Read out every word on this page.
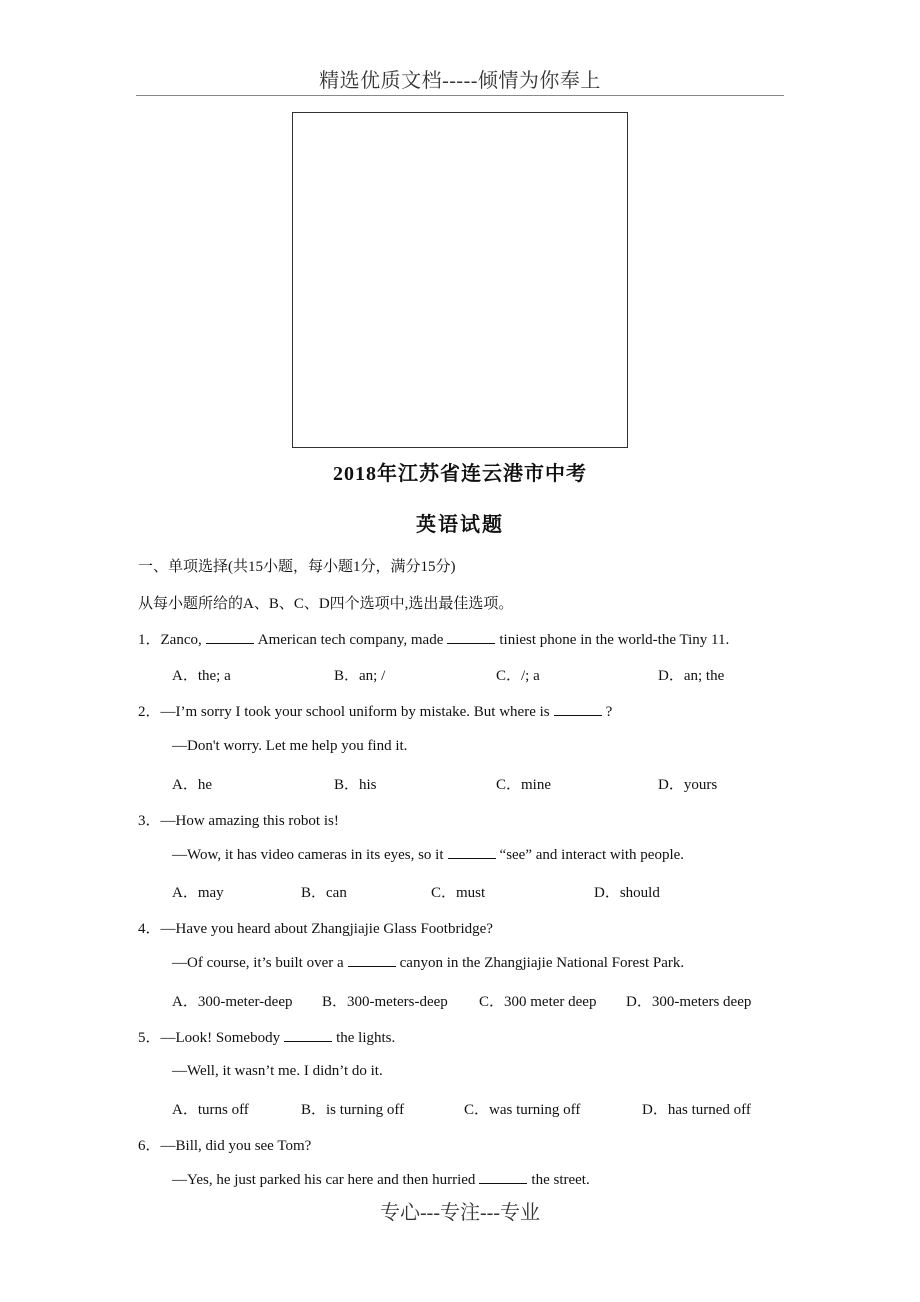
精选优质文档-----倾情为你奉上
2018年江苏省连云港市中考
英语试题
一、单项选择(共15小题，每小题1分，满分15分)
从每小题所给的A、B、C、D四个选项中,选出最佳选项。
1．Zanco,	American tech company, made	tiniest phone in the world-the Tiny 11.
A．the; a	B．an; /	C．/; a	D．an; the
2．—I’m sorry I took your school uniform by mistake. But where is	?
—Don't worry. Let me help you find it.
A．he	B．his	C．mine	D．yours
3．—How amazing this robot is!
—Wow, it has video cameras in its eyes, so it	“see” and interact with people.
A．may	B．can	C．must	D．should
4．—Have you heard about Zhangjiajie Glass Footbridge?
—Of course, it’s built over a	canyon in the Zhangjiajie National Forest Park.
A．300-meter-deep B．300-meters-deep C．300 meter deep D．300-meters deep
5．—Look! Somebody	the lights.
—Well, it wasn’t me. I didn’t do it.
A．turns off	B．is turning off	C．was turning off	D．has turned off
6．—Bill, did you see Tom?
—Yes, he just parked his car here and then hurried	the street.
专心---专注---专业
